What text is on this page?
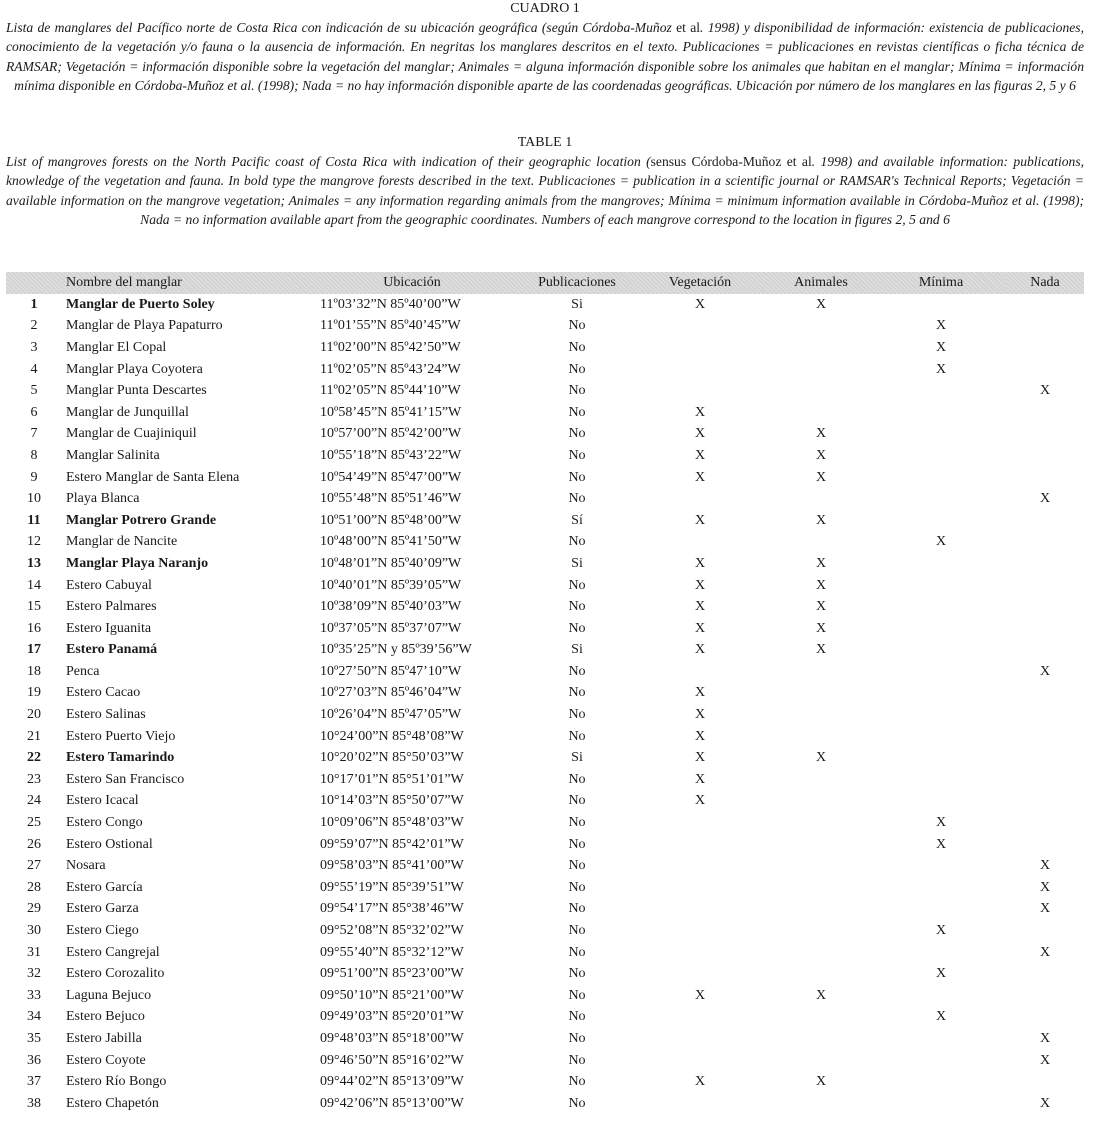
CUADRO 1
Lista de manglares del Pacífico norte de Costa Rica con indicación de su ubicación geográfica (según Córdoba-Muñoz et al. 1998) y disponibilidad de información: existencia de publicaciones, conocimiento de la vegetación y/o fauna o la ausencia de información. En negritas los manglares descritos en el texto. Publicaciones = publicaciones en revistas científicas o ficha técnica de RAMSAR; Vegetación = información disponible sobre la vegetación del manglar; Animales = alguna información disponible sobre los animales que habitan en el manglar; Mínima = información mínima disponible en Córdoba-Muñoz et al. (1998); Nada = no hay información disponible aparte de las coordenadas geográficas. Ubicación por número de los manglares en las figuras 2, 5 y 6
TABLE 1
List of mangroves forests on the North Pacific coast of Costa Rica with indication of their geographic location (sensus Córdoba-Muñoz et al. 1998) and available information: publications, knowledge of the vegetation and fauna. In bold type the mangrove forests described in the text. Publicaciones = publication in a scientific journal or RAMSAR's Technical Reports; Vegetación = available information on the mangrove vegetation; Animales = any information regarding animals from the mangroves; Mínima = minimum information available in Córdoba-Muñoz et al. (1998); Nada = no information available apart from the geographic coordinates. Numbers of each mangrove correspond to the location in figures 2, 5 and 6
	Nombre del manglar	Ubicación	Publicaciones	Vegetación	Animales	Mínima	Nada
1	Manglar de Puerto Soley	11º03’32”N 85º40’00”W	Si	X	X		
2	Manglar de Playa Papaturro	11º01’55”N 85º40’45”W	No			X	
3	Manglar El Copal	11º02’00”N 85º42’50”W	No			X	
4	Manglar Playa Coyotera	11º02’05”N 85º43’24”W	No			X	
5	Manglar Punta Descartes	11º02’05”N 85º44’10”W	No				X
6	Manglar de Junquillal	10º58’45”N 85º41’15”W	No	X			
7	Manglar de Cuajiniquil	10º57’00”N 85º42’00”W	No	X	X		
8	Manglar Salinita	10º55’18”N 85º43’22”W	No	X	X		
9	Estero Manglar de Santa Elena	10º54’49”N 85º47’00”W	No	X	X		
10	Playa Blanca	10º55’48”N 85º51’46”W	No				X
11	Manglar Potrero Grande	10º51’00”N 85º48’00”W	Sí	X	X		
12	Manglar de Nancite	10º48’00”N 85º41’50”W	No			X	
13	Manglar Playa Naranjo	10º48’01”N 85º40’09”W	Si	X	X		
14	Estero Cabuyal	10º40’01”N 85º39’05”W	No	X	X		
15	Estero Palmares	10º38’09”N 85º40’03”W	No	X	X		
16	Estero Iguanita	10º37’05”N 85º37’07”W	No	X	X		
17	Estero Panamá	10º35’25”N y 85º39’56”W	Si	X	X		
18	Penca	10º27’50”N 85º47’10”W	No				X
19	Estero Cacao	10º27’03”N 85º46’04”W	No	X			
20	Estero Salinas	10º26’04”N 85º47’05”W	No	X			
21	Estero Puerto Viejo	10°24’00”N 85°48’08”W	No	X			
22	Estero Tamarindo	10°20’02”N 85°50’03”W	Si	X	X		
23	Estero San Francisco	10°17’01”N 85°51’01”W	No	X			
24	Estero Icacal	10°14’03”N 85°50’07”W	No	X			
25	Estero Congo	10°09’06”N 85°48’03”W	No			X	
26	Estero Ostional	09°59’07”N 85°42’01”W	No			X	
27	Nosara	09°58’03”N 85°41’00”W	No				X
28	Estero García	09°55’19”N 85°39’51”W	No				X
29	Estero Garza	09°54’17”N 85°38’46”W	No				X
30	Estero Ciego	09°52’08”N 85°32’02”W	No			X	
31	Estero Cangrejal	09°55’40”N 85°32’12”W	No				X
32	Estero Corozalito	09°51’00”N 85°23’00”W	No			X	
33	Laguna Bejuco	09°50’10”N 85°21’00”W	No	X	X		
34	Estero Bejuco	09°49’03”N 85°20’01”W	No			X	
35	Estero Jabilla	09°48’03”N 85°18’00”W	No				X
36	Estero Coyote	09°46’50”N 85°16’02”W	No				X
37	Estero Río Bongo	09°44’02”N 85°13’09”W	No	X	X		
38	Estero Chapetón	09°42’06”N 85°13’00”W	No				X
